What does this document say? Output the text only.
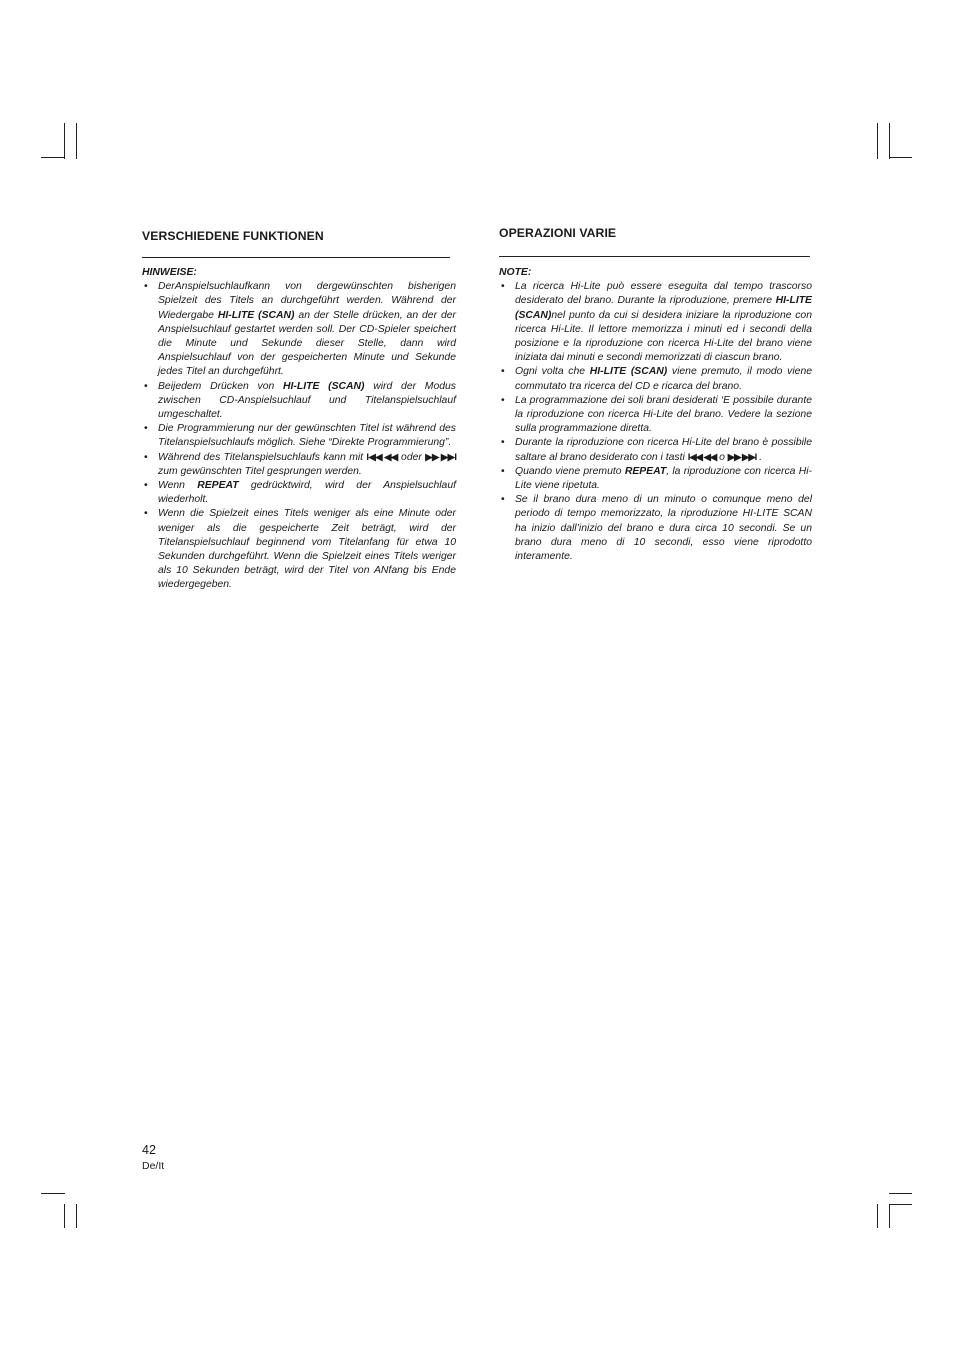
VERSCHIEDENE FUNKTIONEN
HINWEISE:
• DerAnspielsuchlaufkann von dergewünschten bisherigen Spielzeit des Titels an durchgeführt werden. Während der Wiedergabe HI-LITE (SCAN) an der Stelle drücken, an der der Anspielsuchlauf gestartet werden soll. Der CD-Spieler speichert die Minute und Sekunde dieser Stelle, dann wird Anspielsuchlauf von der gespeicherten Minute und Sekunde jedes Titel an durchgeführt.
• Beijedem Drücken von HI-LITE (SCAN) wird der Modus zwischen CD-Anspielsuchlauf und Titelanspielsuchlauf umgeschaltet.
• Die Programmierung nur der gewünschten Titel ist während des Titelanspielsuchlaufs möglich. Siehe “Direkte Programmierung”.
• Während des Titelanspielsuchlaufs kann mit I◀◀ ◀◀ oder ▶▶ ▶▶I zum gewünschten Titel gesprungen werden.
• Wenn REPEAT gedrücktwird, wird der Anspielsuchlauf wiederholt.
• Wenn die Spielzeit eines Titels weniger als eine Minute oder weniger als die gespeicherte Zeit beträgt, wird der Titelanspielsuchlauf beginnend vom Titelanfang für etwa 10 Sekunden durchgeführt. Wenn die Spielzeit eines Titels weriger als 10 Sekunden beträgt, wird der Titel von ANfang bis Ende wiedergegeben.
OPERAZIONI VARIE
NOTE:
• La ricerca Hi-Lite può essere eseguita dal tempo trascorso desiderato del brano. Durante la riproduzione, premere HI-LITE (SCAN)nel punto da cui si desidera iniziare la riproduzione con ricerca Hi-Lite. Il lettore memorizza i minuti ed i secondi della posizione e la riproduzione con ricerca Hi-Lite del brano viene iniziata dai minuti e secondi memorizzati di ciascun brano.
• Ogni volta che HI-LITE (SCAN) viene premuto, il modo viene commutato tra ricerca del CD e ricarca del brano.
• La programmazione dei soli brani desiderati ‘E possibile durante la riproduzione con ricerca Hi-Lite del brano. Vedere la sezione sulla programmazione diretta.
• Durante la riproduzione con ricerca Hi-Lite del brano è possibile saltare al brano desiderato con i tasti I◀◀ ◀◀ o ▶▶ ▶▶I .
• Quando viene premuto REPEAT, la riproduzione con ricerca Hi-Lite viene ripetuta.
• Se il brano dura meno di un minuto o comunque meno del periodo di tempo memorizzato, la riproduzione HI-LITE SCAN ha inizio dall’inizio del brano e dura circa 10 secondi. Se un brano dura meno di 10 secondi, esso viene riprodotto interamente.
42
De/It
